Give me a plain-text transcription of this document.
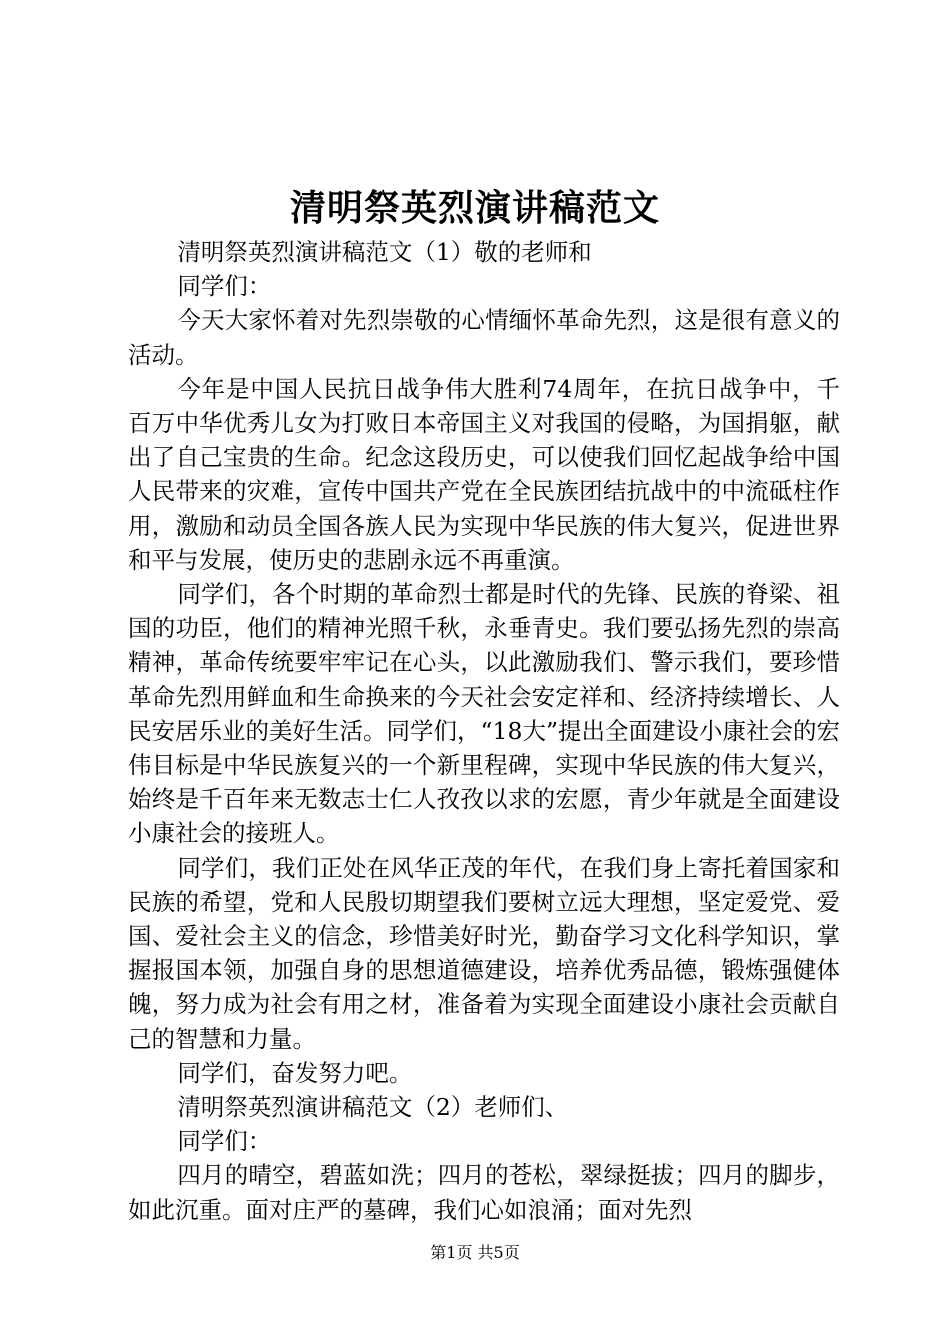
清明祭英烈演讲稿范文

清明祭英烈演讲稿范文（1）敬的老师和

同学们：

今天大家怀着对先烈崇敬的心情缅怀革命先烈，这是很有意义的活动。

今年是中国人民抗日战争伟大胜利74周年，在抗日战争中，千百万中华优秀儿女为打败日本帝国主义对我国的侵略，为国捐躯，献出了自己宝贵的生命。纪念这段历史，可以使我们回忆起战争给中国人民带来的灾难，宣传中国共产党在全民族团结抗战中的中流砥柱作用，激励和动员全国各族人民为实现中华民族的伟大复兴，促进世界和平与发展，使历史的悲剧永远不再重演。

同学们，各个时期的革命烈士都是时代的先锋、民族的脊梁、祖国的功臣，他们的精神光照千秋，永垂青史。我们要弘扬先烈的崇高精神，革命传统要牢牢记在心头，以此激励我们、警示我们，要珍惜革命先烈用鲜血和生命换来的今天社会安定祥和、经济持续增长、人民安居乐业的美好生活。同学们，“18大”提出全面建设小康社会的宏伟目标是中华民族复兴的一个新里程碑，实现中华民族的伟大复兴，始终是千百年来无数志士仁人孜孜以求的宏愿，青少年就是全面建设小康社会的接班人。

同学们，我们正处在风华正茂的年代，在我们身上寄托着国家和民族的希望，党和人民殷切期望我们要树立远大理想，坚定爱党、爱国、爱社会主义的信念，珍惜美好时光，勤奋学习文化科学知识，掌握报国本领，加强自身的思想道德建设，培养优秀品德，锻炼强健体魄，努力成为社会有用之材，准备着为实现全面建设小康社会贡献自己的智慧和力量。

同学们，奋发努力吧。

清明祭英烈演讲稿范文（2）老师们、

同学们：

四月的晴空，碧蓝如洗；四月的苍松，翠绿挺拔；四月的脚步，如此沉重。面对庄严的墓碑，我们心如浪涌；面对先烈

第1页 共5页
